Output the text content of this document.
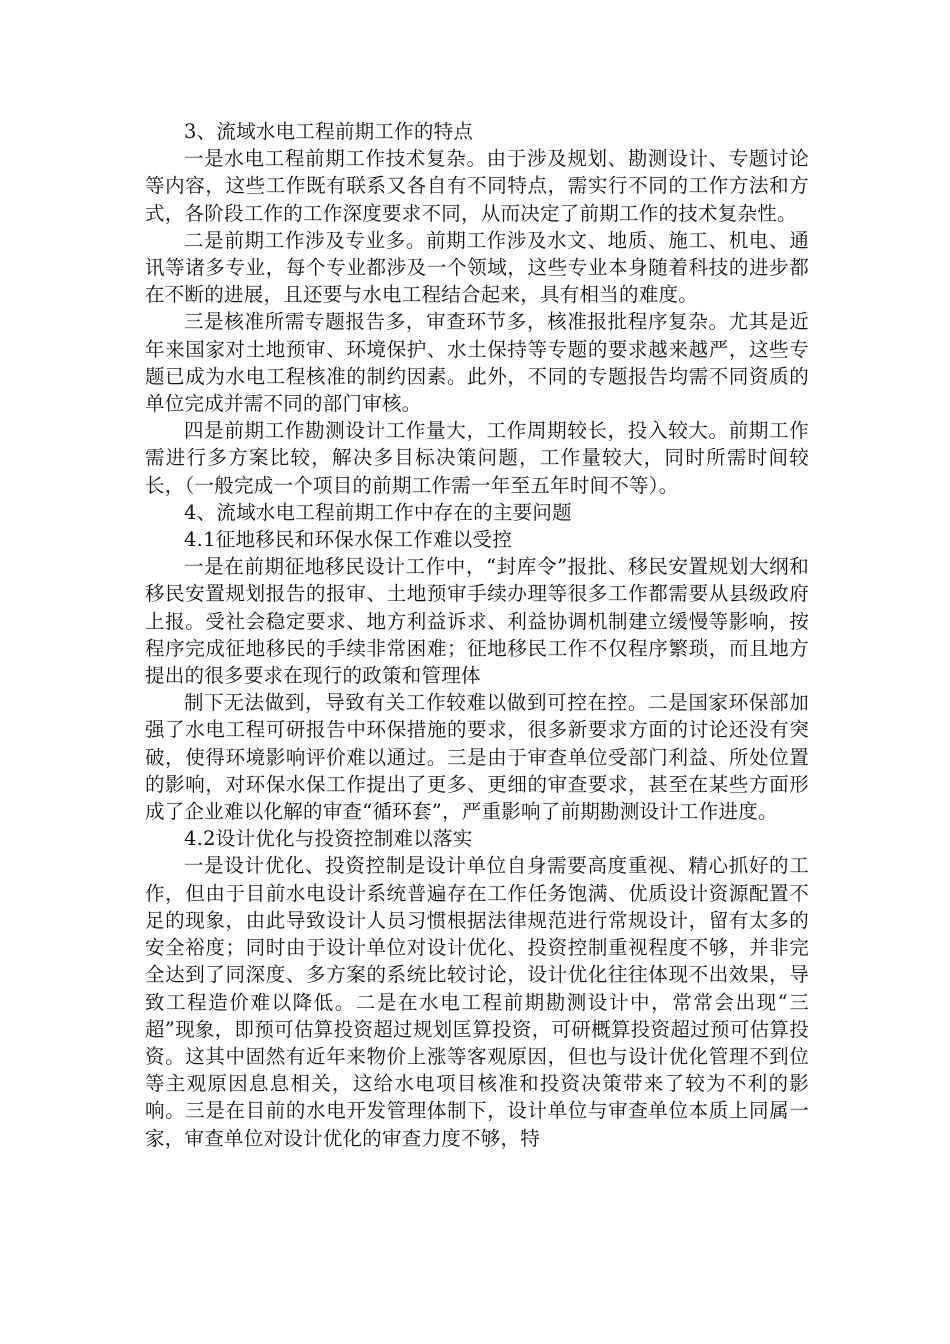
3、流域水电工程前期工作的特点

一是水电工程前期工作技术复杂。由于涉及规划、勘测设计、专题讨论等内容，这些工作既有联系又各自有不同特点，需实行不同的工作方法和方式，各阶段工作的工作深度要求不同，从而决定了前期工作的技术复杂性。

二是前期工作涉及专业多。前期工作涉及水文、地质、施工、机电、通讯等诸多专业，每个专业都涉及一个领域，这些专业本身随着科技的进步都在不断的进展，且还要与水电工程结合起来，具有相当的难度。

三是核准所需专题报告多，审查环节多，核准报批程序复杂。尤其是近年来国家对土地预审、环境保护、水土保持等专题的要求越来越严，这些专题已成为水电工程核准的制约因素。此外，不同的专题报告均需不同资质的单位完成并需不同的部门审核。

四是前期工作勘测设计工作量大，工作周期较长，投入较大。前期工作需进行多方案比较，解决多目标决策问题，工作量较大，同时所需时间较长，（一般完成一个项目的前期工作需一年至五年时间不等）。

4、流域水电工程前期工作中存在的主要问题

4.1征地移民和环保水保工作难以受控

一是在前期征地移民设计工作中，“封库令”报批、移民安置规划大纲和移民安置规划报告的报审、土地预审手续办理等很多工作都需要从县级政府上报。受社会稳定要求、地方利益诉求、利益协调机制建立缓慢等影响，按程序完成征地移民的手续非常困难；征地移民工作不仅程序繁琐，而且地方提出的很多要求在现行的政策和管理体

制下无法做到，导致有关工作较难以做到可控在控。二是国家环保部加强了水电工程可研报告中环保措施的要求，很多新要求方面的讨论还没有突破，使得环境影响评价难以通过。三是由于审查单位受部门利益、所处位置的影响，对环保水保工作提出了更多、更细的审查要求，甚至在某些方面形成了企业难以化解的审查“循环套”，严重影响了前期勘测设计工作进度。

4.2设计优化与投资控制难以落实

一是设计优化、投资控制是设计单位自身需要高度重视、精心抓好的工作，但由于目前水电设计系统普遍存在工作任务饱满、优质设计资源配置不足的现象，由此导致设计人员习惯根据法律规范进行常规设计，留有太多的安全裕度；同时由于设计单位对设计优化、投资控制重视程度不够，并非完全达到了同深度、多方案的系统比较讨论，设计优化往往体现不出效果，导致工程造价难以降低。二是在水电工程前期勘测设计中，常常会出现“三超”现象，即预可估算投资超过规划匡算投资，可研概算投资超过预可估算投资。这其中固然有近年来物价上涨等客观原因，但也与设计优化管理不到位等主观原因息息相关，这给水电项目核准和投资决策带来了较为不利的影响。三是在目前的水电开发管理体制下，设计单位与审查单位本质上同属一家，审查单位对设计优化的审查力度不够，特
